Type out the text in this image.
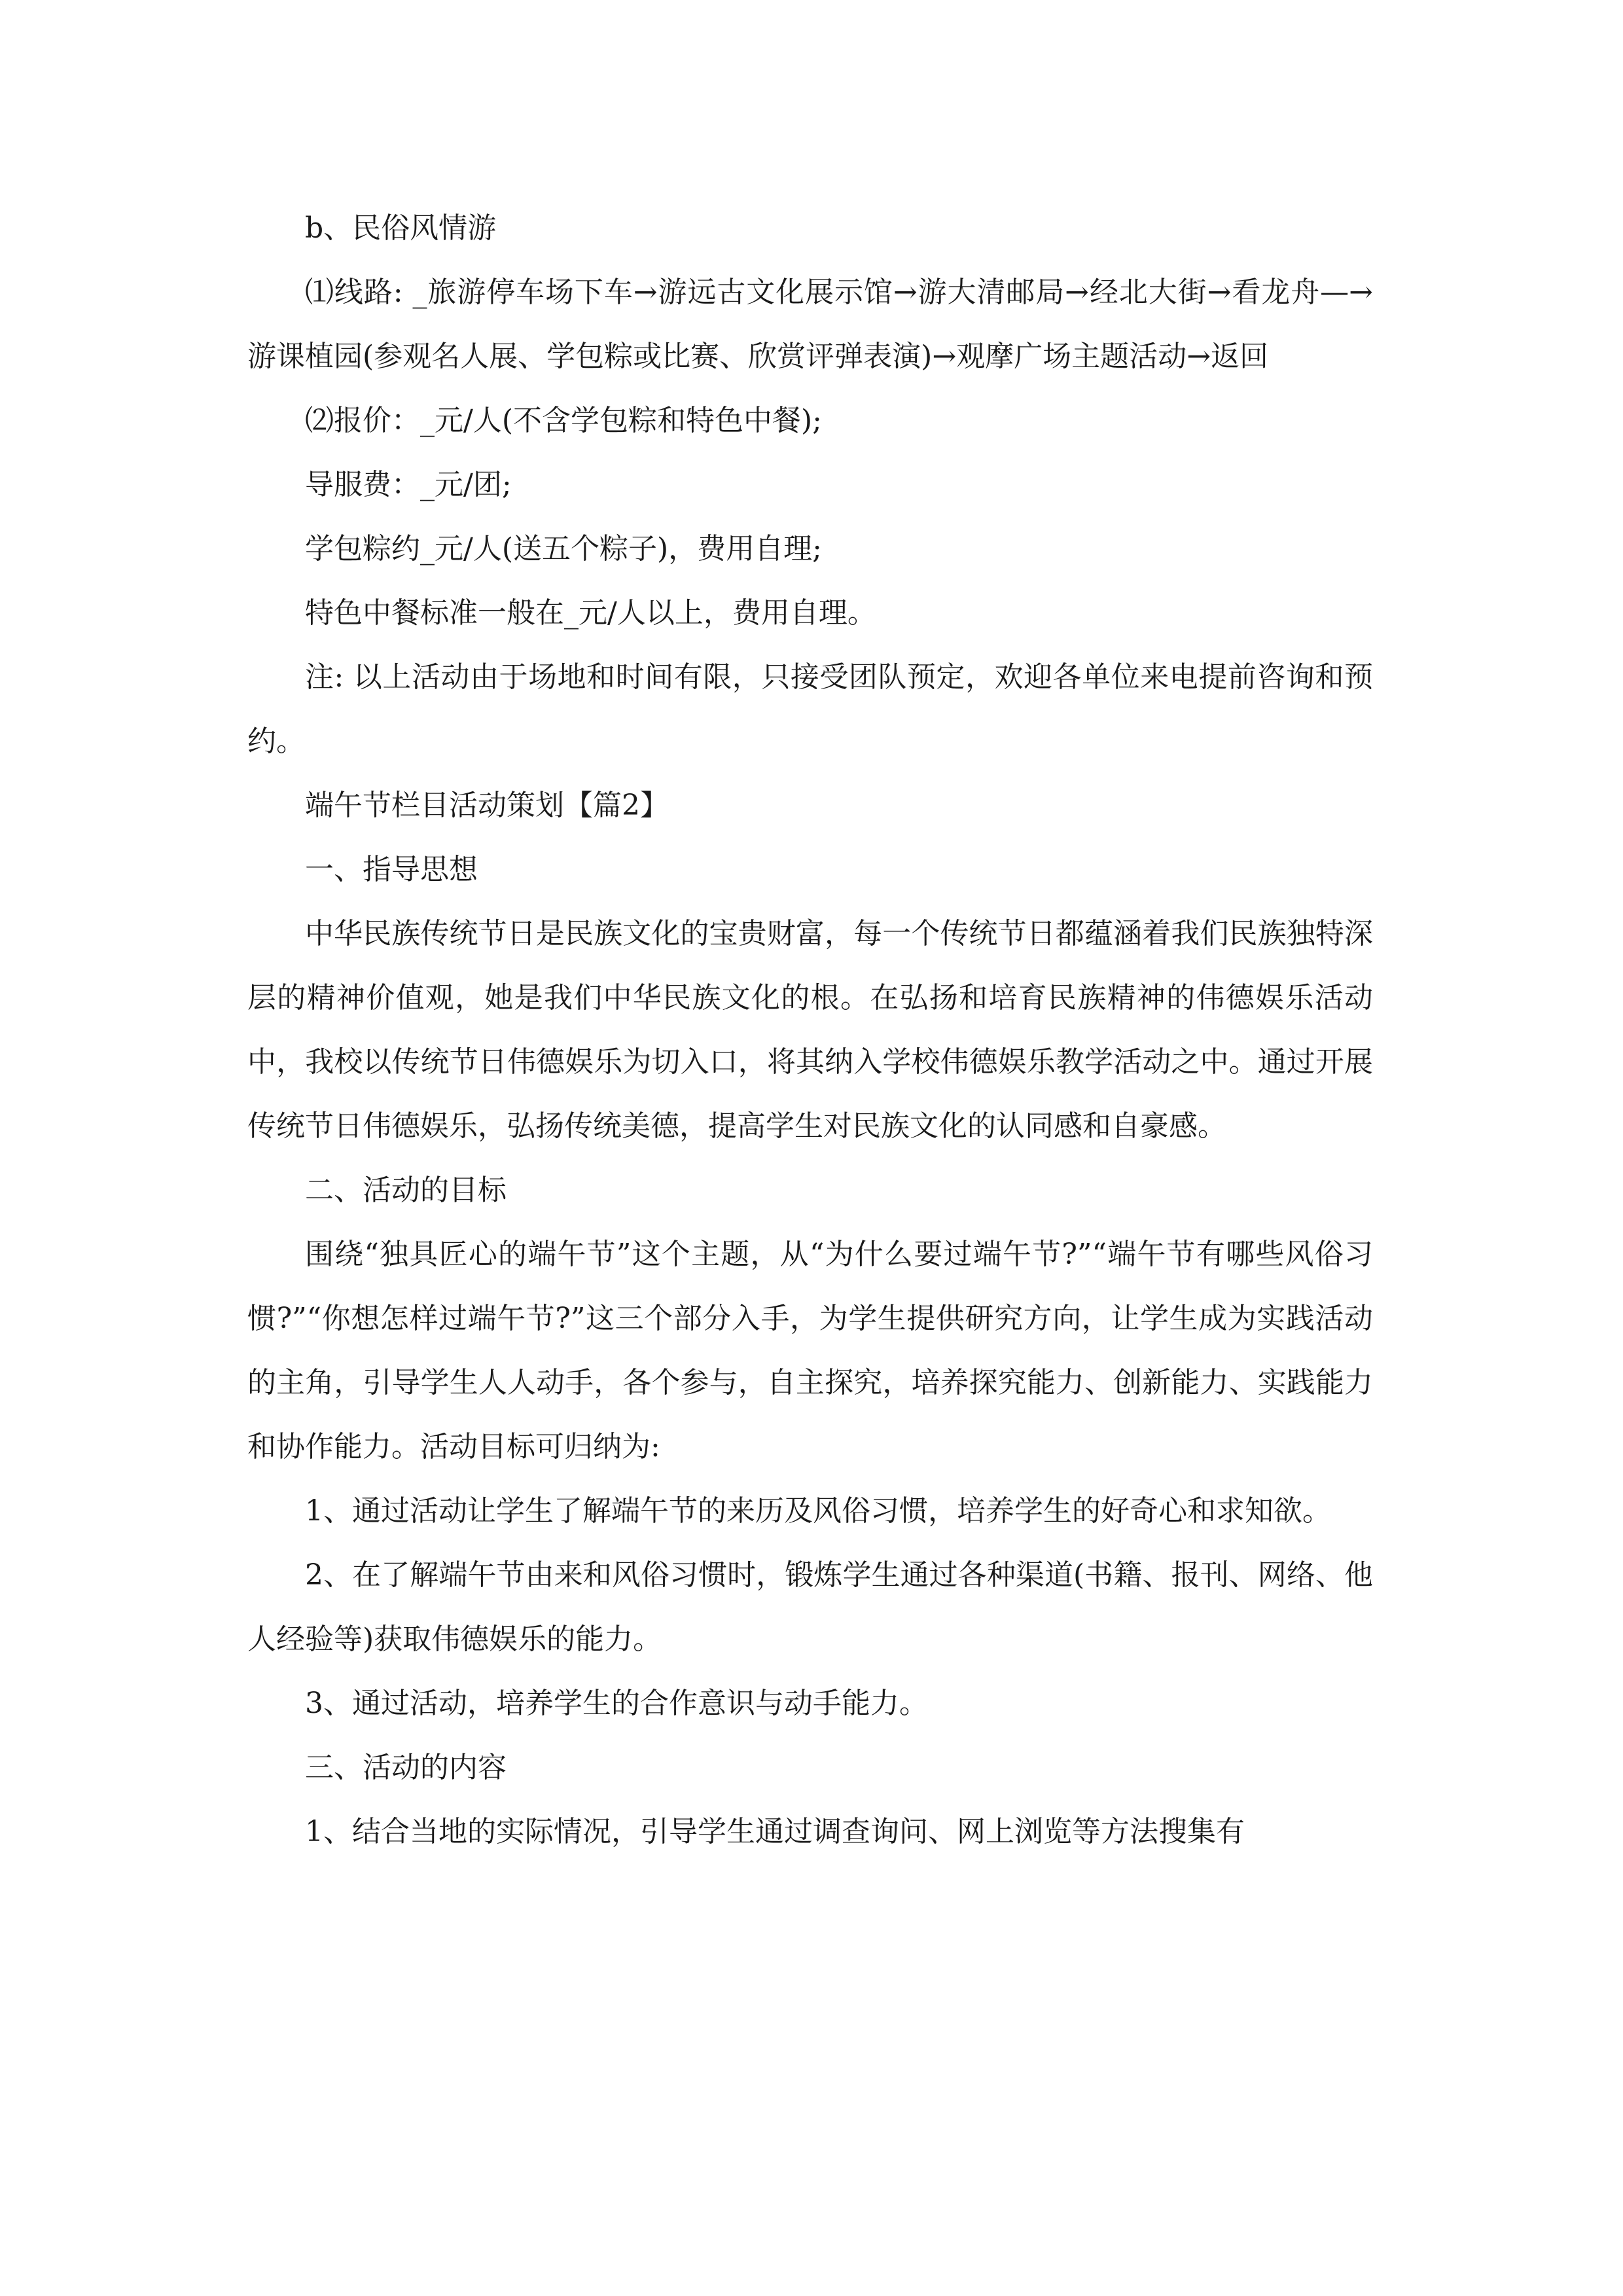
b、民俗风情游

⑴线路: _旅游停车场下车→游远古文化展示馆→游大清邮局→经北大街→看龙舟—→游课植园(参观名人展、学包粽或比赛、欣赏评弹表演)→观摩广场主题活动→返回

⑵报价：_元/人(不含学包粽和特色中餐);

导服费：_元/团;

学包粽约_元/人(送五个粽子)，费用自理;

特色中餐标准一般在_元/人以上，费用自理。

注: 以上活动由于场地和时间有限，只接受团队预定，欢迎各单位来电提前咨询和预约。

端午节栏目活动策划【篇2】

一、指导思想

中华民族传统节日是民族文化的宝贵财富，每一个传统节日都蕴涵着我们民族独特深层的精神价值观，她是我们中华民族文化的根。在弘扬和培育民族精神的伟德娱乐活动中，我校以传统节日伟德娱乐为切入口，将其纳入学校伟德娱乐教学活动之中。通过开展传统节日伟德娱乐，弘扬传统美德，提高学生对民族文化的认同感和自豪感。

二、活动的目标

围绕“独具匠心的端午节”这个主题，从“为什么要过端午节?”“端午节有哪些风俗习惯?”“你想怎样过端午节?”这三个部分入手，为学生提供研究方向，让学生成为实践活动的主角，引导学生人人动手，各个参与，自主探究，培养探究能力、创新能力、实践能力和协作能力。活动目标可归纳为:

1、通过活动让学生了解端午节的来历及风俗习惯，培养学生的好奇心和求知欲。

2、在了解端午节由来和风俗习惯时，锻炼学生通过各种渠道(书籍、报刊、网络、他人经验等)获取伟德娱乐的能力。

3、通过活动，培养学生的合作意识与动手能力。

三、活动的内容

1、结合当地的实际情况，引导学生通过调查询问、网上浏览等方法搜集有
